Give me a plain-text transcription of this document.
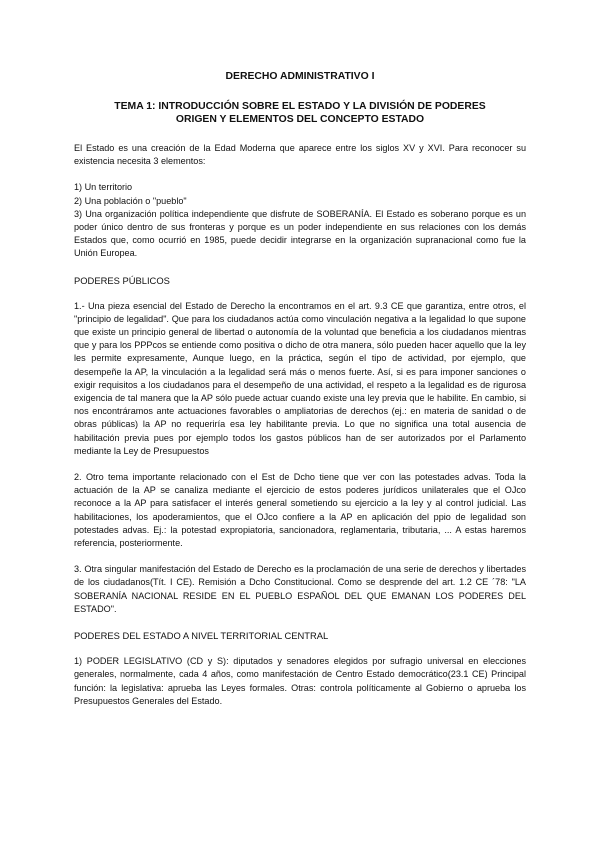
DERECHO ADMINISTRATIVO I
TEMA 1: INTRODUCCIÓN SOBRE EL ESTADO Y LA DIVISIÓN DE PODERES
ORIGEN Y ELEMENTOS DEL CONCEPTO ESTADO

El Estado es una creación de la Edad Moderna que aparece entre los siglos XV y XVI. Para reconocer su existencia necesita 3 elementos:

1) Un territorio

2) Una población o "pueblo"

3) Una organización política independiente que disfrute de SOBERANÍA. El Estado es soberano porque es un poder único dentro de sus fronteras y porque es un poder independiente en sus relaciones con los demás Estados que, como ocurrió en 1985, puede decidir integrarse en la organización supranacional como fue la Unión Europea.

PODERES PÚBLICOS

1.- Una pieza esencial del Estado de Derecho la encontramos en el art. 9.3 CE que garantiza, entre otros, el "principio de legalidad". Que para los ciudadanos actúa como vinculación negativa a la legalidad lo que supone que existe un principio general de libertad o autonomía de la voluntad que beneficia a los ciudadanos mientras que y para los PPPcos se entiende como positiva o dicho de otra manera, sólo pueden hacer aquello que la ley les permite expresamente, Aunque luego, en la práctica, según el tipo de actividad, por ejemplo, que desempeñe la AP, la vinculación a la legalidad será más o menos fuerte. Así, si es para imponer sanciones o exigir requisitos a los ciudadanos para el desempeño de una actividad, el respeto a la legalidad es de rigurosa exigencia de tal manera que la AP sólo puede actuar cuando existe una ley previa que le habilite. En cambio, si nos encontráramos ante actuaciones favorables o ampliatorias de derechos (ej.: en materia de sanidad o de obras públicas) la AP no requeriría esa ley habilitante previa. Lo que no significa una total ausencia de habilitación previa pues por ejemplo todos los gastos públicos han de ser autorizados por el Parlamento mediante la Ley de Presupuestos

2. Otro tema importante relacionado con el Est de Dcho tiene que ver con las potestades advas. Toda la actuación de la AP se canaliza mediante el ejercicio de estos poderes jurídicos unilaterales que el OJco reconoce a la AP para satisfacer el interés general sometiendo su ejercicio a la ley y al control judicial. Las habilitaciones, los apoderamientos, que el OJco confiere a la AP en aplicación del ppio de legalidad son potestades advas. Ej.: la potestad expropiatoria, sancionadora, reglamentaria, tributaria, ... A estas haremos referencia, posteriormente.

3. Otra singular manifestación del Estado de Derecho es la proclamación de una serie de derechos y libertades de los ciudadanos(Tít. I CE). Remisión a Dcho Constitucional. Como se desprende del art. 1.2 CE ´78: "LA SOBERANÍA NACIONAL RESIDE EN EL PUEBLO ESPAÑOL DEL QUE EMANAN LOS PODERES DEL ESTADO".

PODERES DEL ESTADO A NIVEL TERRITORIAL CENTRAL

1) PODER LEGISLATIVO (CD y S): diputados y senadores elegidos por sufragio universal en elecciones generales, normalmente, cada 4 años, como manifestación de Centro Estado democrático(23.1 CE) Principal función: la legislativa: aprueba las Leyes formales. Otras: controla políticamente al Gobierno o aprueba los Presupuestos Generales del Estado.
